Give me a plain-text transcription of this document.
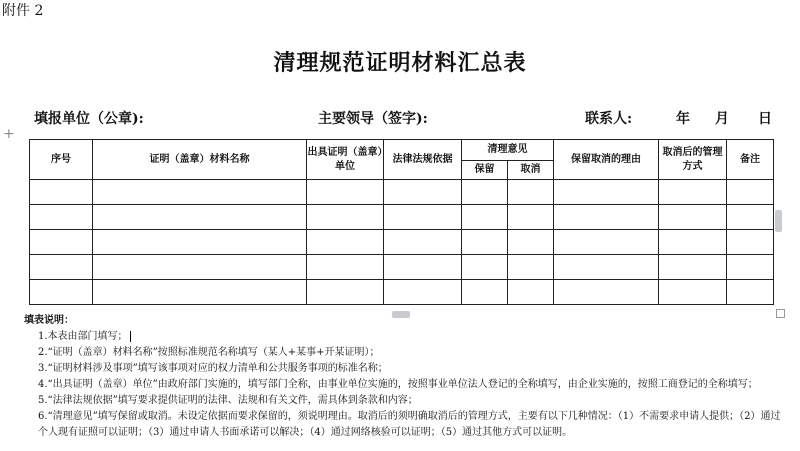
附件 2
清理规范证明材料汇总表
填报单位（公章):	主要领导（签字):	联系人:	年 月 日
+
序号	证明（盖章）材料名称	出具证明（盖章）单位	法律法规依据	清理意见		保留取消的理由	取消后的管理方式	备注
				保留	取消			

填表说明：
1.本表由部门填写；
2.“证明（盖章）材料名称”按照标准规范名称填写（某人+某事+开某证明）；
3.“证明材料涉及事项”填写该事项对应的权力清单和公共服务事项的标准名称；
4.“出具证明（盖章）单位”由政府部门实施的，填写部门全称，由事业单位实施的，按照事业单位法人登记的全称填写，由企业实施的，按照工商登记的全称填写；
5.“法律法规依据”填写要求提供证明的法律、法规和有关文件，需具体到条款和内容；
6.“清理意见”填写保留或取消。未设定依据而要求保留的，须说明理由。取消后的须明确取消后的管理方式，主要有以下几种情况：（1）不需要求申请人提供；（2）通过个人现有证照可以证明；（3）通过申请人书面承诺可以解决；（4）通过网络核验可以证明；（5）通过其他方式可以证明。
